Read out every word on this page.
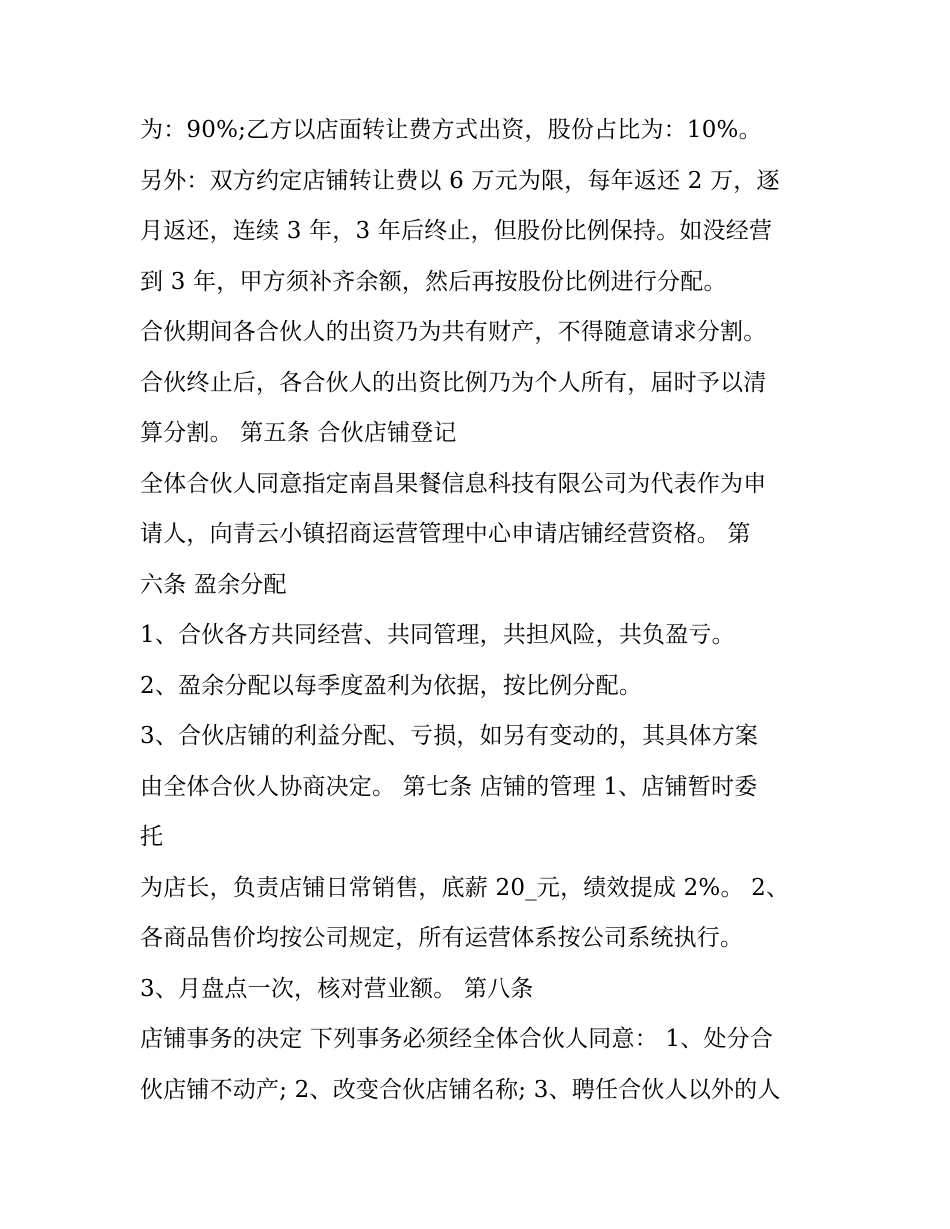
为：90%;乙方以店面转让费方式出资，股份占比为：10%。
另外：双方约定店铺转让费以 6 万元为限，每年返还 2 万，逐
月返还，连续 3 年，3 年后终止，但股份比例保持。如没经营
到 3 年，甲方须补齐余额，然后再按股份比例进行分配。
合伙期间各合伙人的出资乃为共有财产，不得随意请求分割。
合伙终止后，各合伙人的出资比例乃为个人所有，届时予以清
算分割。 第五条 合伙店铺登记
全体合伙人同意指定南昌果餐信息科技有限公司为代表作为申
请人，向青云小镇招商运营管理中心申请店铺经营资格。 第
六条 盈余分配
1、合伙各方共同经营、共同管理，共担风险，共负盈亏。
2、盈余分配以每季度盈利为依据，按比例分配。
3、合伙店铺的利益分配、亏损，如另有变动的，其具体方案
由全体合伙人协商决定。 第七条 店铺的管理 1、店铺暂时委
托
为店长，负责店铺日常销售，底薪 20_元，绩效提成 2%。 2、
各商品售价均按公司规定，所有运营体系按公司系统执行。
3、月盘点一次，核对营业额。 第八条
店铺事务的决定 下列事务必须经全体合伙人同意： 1、处分合
伙店铺不动产; 2、改变合伙店铺名称; 3、聘任合伙人以外的人
